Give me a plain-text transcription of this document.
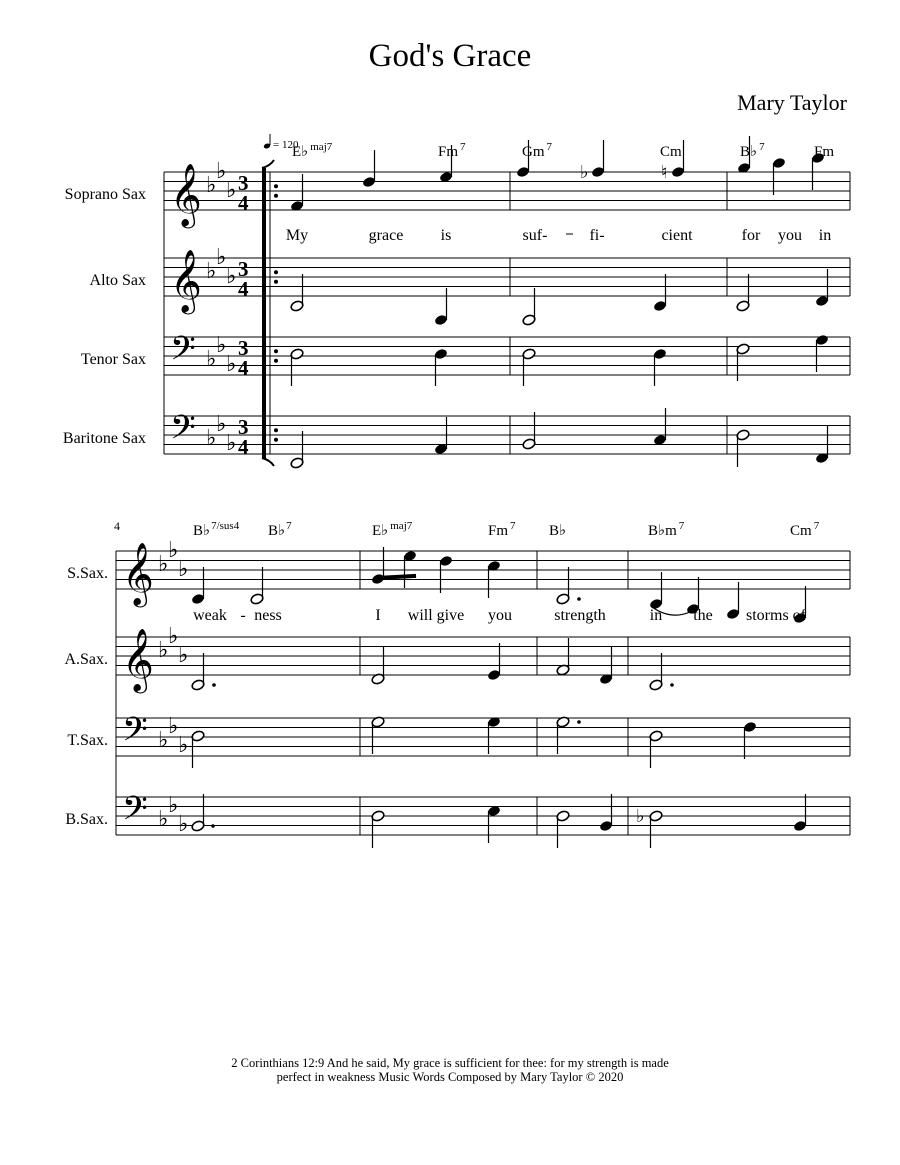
God's Grace
Mary Taylor
𝄞
𝄞
𝄢
𝄢
𝄞
𝄞
𝄢
𝄢
♭
♭
♭
♭
♭
♭
♭
♭
♭
♭
♭
♭
♭
♭
♭
♭
♭
♭
♭
♭
♭
♭
♭
♭
♭	♮
♭
Soprano Sax
Alto Sax
Tenor Sax
Baritone Sax
S.Sax.
A.Sax.
T.Sax.
B.Sax.
3
4
3
4
3
4
3
4
= 120
4
E♭ $^{maj7}$	Fm $^7$	Gm $^7$	Cm	B♭ $^7$	Fm
B♭$^{7/sus4}$ B♭$^7$	E♭ $^{maj7}$	Fm $^7$ B♭	B♭m $^7$	Cm $^7$
My	grace is	suf-	fi-	cient	for you in
weak - ness	I will give you	strength	in the storms of
2 Corinthians 12:9 And he said, My grace is sufficient for thee: for my strength is made perfect in weakness Music Words Composed by Mary Taylor © 2020
